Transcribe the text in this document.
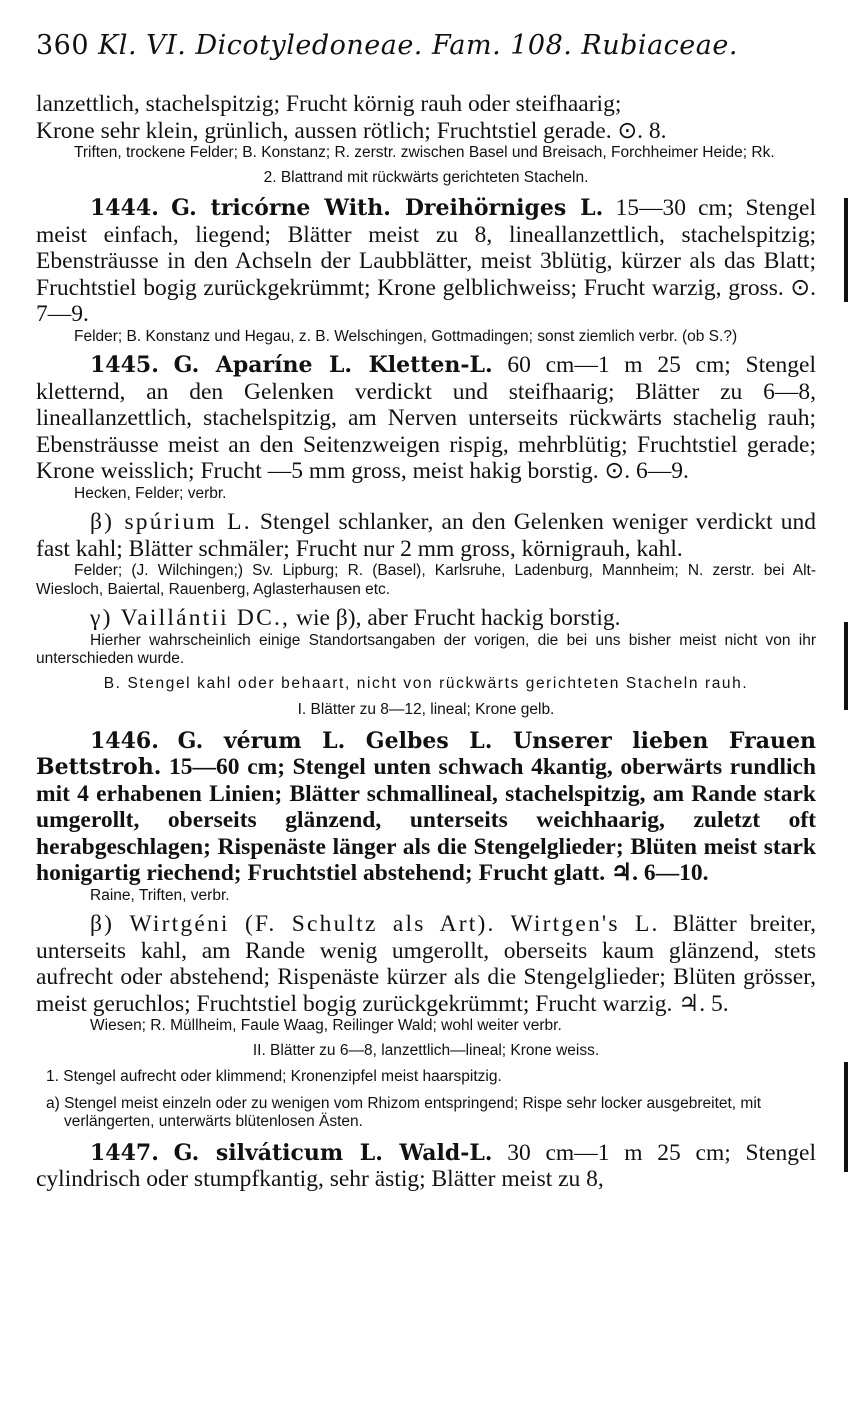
360 Kl. VI. Dicotyledoneae. Fam. 108. Rubiaceae.

lanzettlich, stachelspitzig; Frucht körnig rauh oder steifhaarig;

Krone sehr klein, grünlich, aussen rötlich; Fruchtstiel gerade. ⊙. 8.

Triften, trockene Felder; B. Konstanz; R. zerstr. zwischen Basel und Breisach, Forchheimer Heide; Rk.

2. Blattrand mit rückwärts gerichteten Stacheln.

1444. G. tricórne With. Dreihörniges L. 15—30 cm; Stengel meist einfach, liegend; Blätter meist zu 8, lineallanzettlich, stachelspitzig; Ebensträusse in den Achseln der Laubblätter, meist 3blütig, kürzer als das Blatt; Fruchtstiel bogig zurückgekrümmt; Krone gelblichweiss; Frucht warzig, gross. ⊙. 7—9.

Felder; B. Konstanz und Hegau, z. B. Welschingen, Gottmadingen; sonst ziemlich verbr. (ob S.?)

1445. G. Aparíne L. Kletten-L. 60 cm—1 m 25 cm; Stengel kletternd, an den Gelenken verdickt und steifhaarig; Blätter zu 6—8, lineallanzettlich, stachelspitzig, am Nerven unterseits rückwärts stachelig rauh; Ebensträusse meist an den Seitenzweigen rispig, mehrblütig; Fruchtstiel gerade; Krone weisslich; Frucht —5 mm gross, meist hakig borstig. ⊙. 6—9.

Hecken, Felder; verbr.

β) spúrium L. Stengel schlanker, an den Gelenken weniger verdickt und fast kahl; Blätter schmäler; Frucht nur 2 mm gross, körnigrauh, kahl.

Felder; (J. Wilchingen;) Sv. Lipburg; R. (Basel), Karlsruhe, Ladenburg, Mannheim; N. zerstr. bei Alt-Wiesloch, Baiertal, Rauenberg, Aglasterhausen etc.

γ) Vaillántii DC., wie β), aber Frucht hackig borstig.

Hierher wahrscheinlich einige Standortsangaben der vorigen, die bei uns bisher meist nicht von ihr unterschieden wurde.

B. Stengel kahl oder behaart, nicht von rückwärts gerichteten Stacheln rauh.

I. Blätter zu 8—12, lineal; Krone gelb.

1446. G. vérum L. Gelbes L. Unserer lieben Frauen Bettstroh. 15—60 cm; Stengel unten schwach 4kantig, oberwärts rundlich mit 4 erhabenen Linien; Blätter schmallineal, stachelspitzig, am Rande stark umgerollt, oberseits glänzend, unterseits weichhaarig, zuletzt oft herabgeschlagen; Rispenäste länger als die Stengelglieder; Blüten meist stark honigartig riechend; Fruchtstiel abstehend; Frucht glatt. ♃. 6—10.

Raine, Triften, verbr.

β) Wirtgéni (F. Schultz als Art). Wirtgen's L. Blätter breiter, unterseits kahl, am Rande wenig umgerollt, oberseits kaum glänzend, stets aufrecht oder abstehend; Rispenäste kürzer als die Stengelglieder; Blüten grösser, meist geruchlos; Fruchtstiel bogig zurückgekrümmt; Frucht warzig. ♃. 5.

Wiesen; R. Müllheim, Faule Waag, Reilinger Wald; wohl weiter verbr.

II. Blätter zu 6—8, lanzettlich—lineal; Krone weiss.

1. Stengel aufrecht oder klimmend; Kronenzipfel meist haarspitzig.

a) Stengel meist einzeln oder zu wenigen vom Rhizom entspringend; Rispe sehr locker ausgebreitet, mit verlängerten, unterwärts blütenlosen Ästen.

1447. G. silváticum L. Wald-L. 30 cm—1 m 25 cm; Stengel cylindrisch oder stumpfkantig, sehr ästig; Blätter meist zu 8,
